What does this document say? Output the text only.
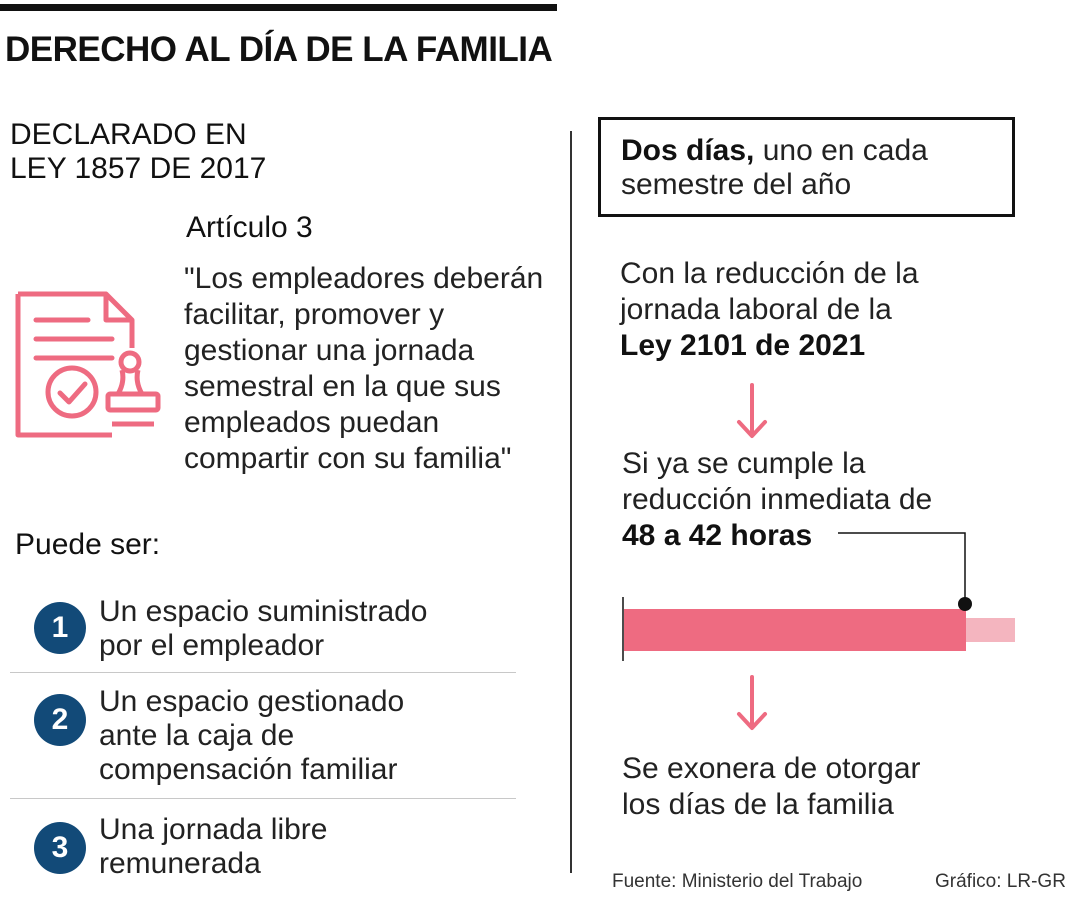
DERECHO AL DÍA DE LA FAMILIA
DECLARADO EN
LEY 1857 DE 2017
Artículo 3
"Los empleadores deberán facilitar, promover y gestionar una jornada semestral en la que sus empleados puedan compartir con su familia"
Puede ser:
1	Un espacio suministrado
por el empleador
2
Un espacio gestionado
ante la caja de
compensación familiar
3
Una jornada libre
remunerada
Dos días, uno en cada
semestre del año
Con la reducción de la
jornada laboral de la
Ley 2101 de 2021
Si ya se cumple la
reducción inmediata de
48 a 42 horas
Se exonera de otorgar
los días de la familia
Fuente: Ministerio del Trabajo	Gráfico: LR-GR
